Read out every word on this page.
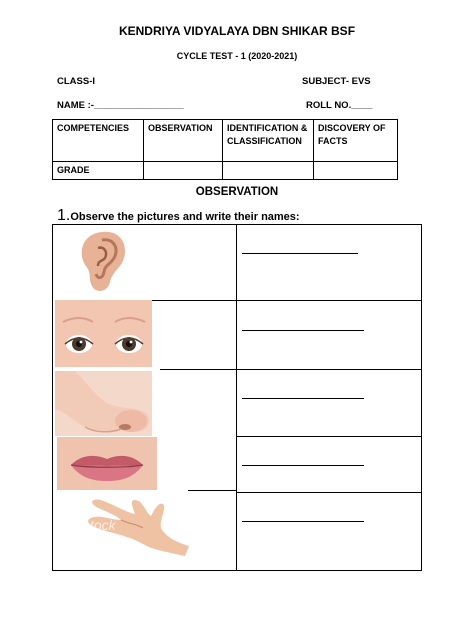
KENDRIYA VIDYALAYA DBN SHIKAR BSF
CYCLE TEST - 1 (2020-2021)
CLASS-I	SUBJECT- EVS
NAME :-_________________	ROLL NO.____
COMPETENCIES	OBSERVATION	IDENTIFICATION & CLASSIFICATION	DISCOVERY OF FACTS
GRADE			
OBSERVATION
1.Observe the pictures and write their names:
stock
